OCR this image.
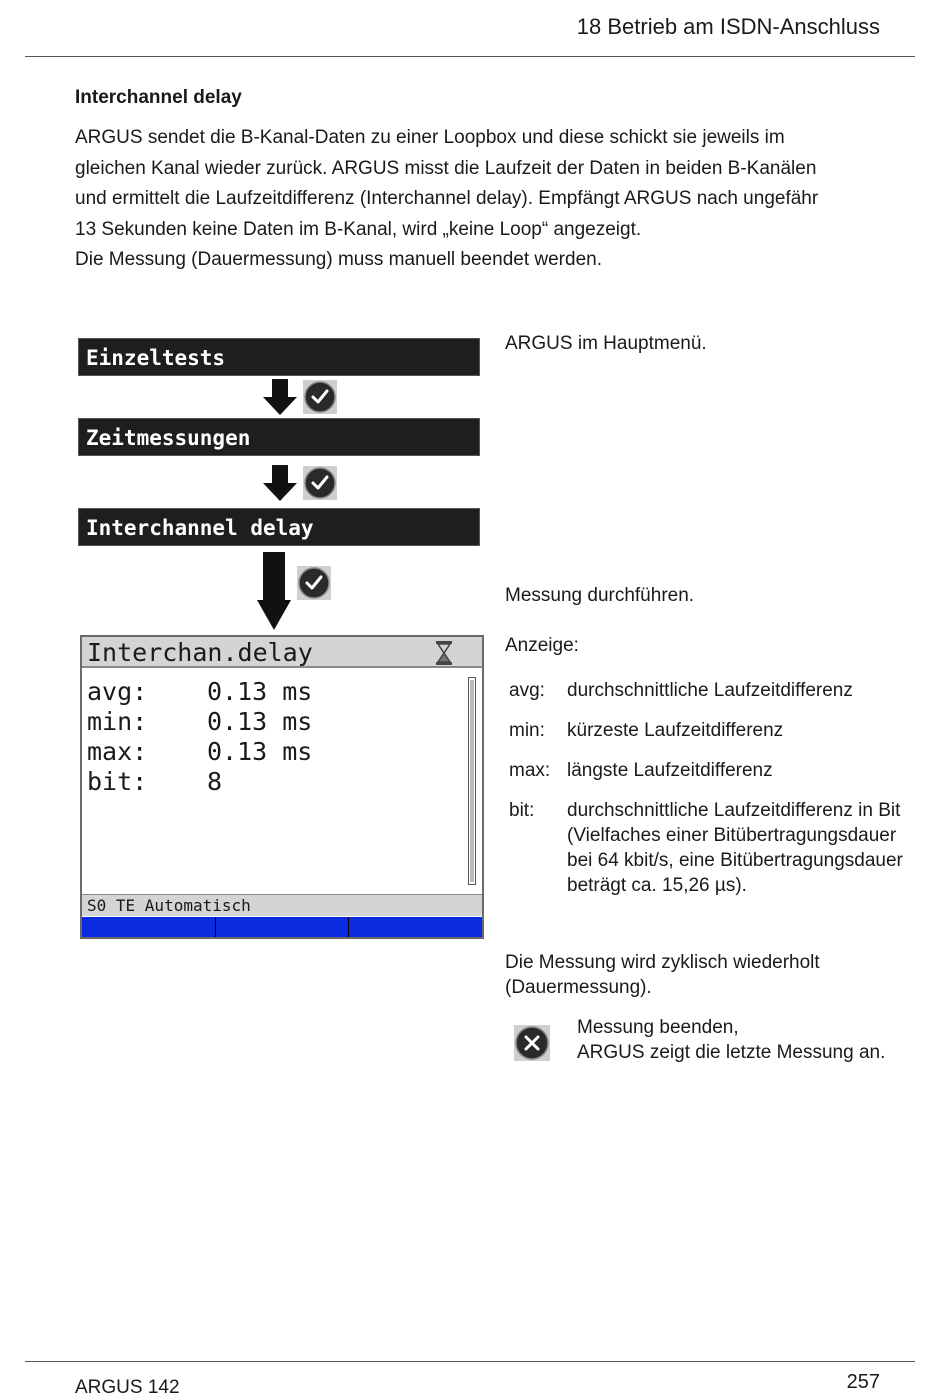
18 Betrieb am ISDN-Anschluss
Interchannel delay

ARGUS sendet die B-Kanal-Daten zu einer Loopbox und diese schickt sie jeweils im

gleichen Kanal wieder zurück. ARGUS misst die Laufzeit der Daten in beiden B-Kanälen

und ermittelt die Laufzeitdifferenz (Interchannel delay). Empfängt ARGUS nach ungefähr

13 Sekunden keine Daten im B-Kanal, wird „keine Loop“ angezeigt.

Die Messung (Dauermessung) muss manuell beendet werden.

Einzeltests
ARGUS im Hauptmenü.
Zeitmessungen
Interchannel delay
Messung durchführen.
Interchan.delay
avg: 0.13 ms
min: 0.13 ms
max: 0.13 ms
bit: 8
S0 TE Automatisch
Anzeige:
avg:	durchschnittliche Laufzeitdifferenz
min:	kürzeste Laufzeitdifferenz
max: längste Laufzeitdifferenz
bit:	durchschnittliche Laufzeitdifferenz in Bit (Vielfaches einer Bitübertragungsdauer bei 64 kbit/s, eine Bitübertragungsdauer beträgt ca. 15,26 µs).
Die Messung wird zyklisch wiederholt (Dauermessung).
Messung beenden,
ARGUS zeigt die letzte Messung an.
ARGUS 142	257
